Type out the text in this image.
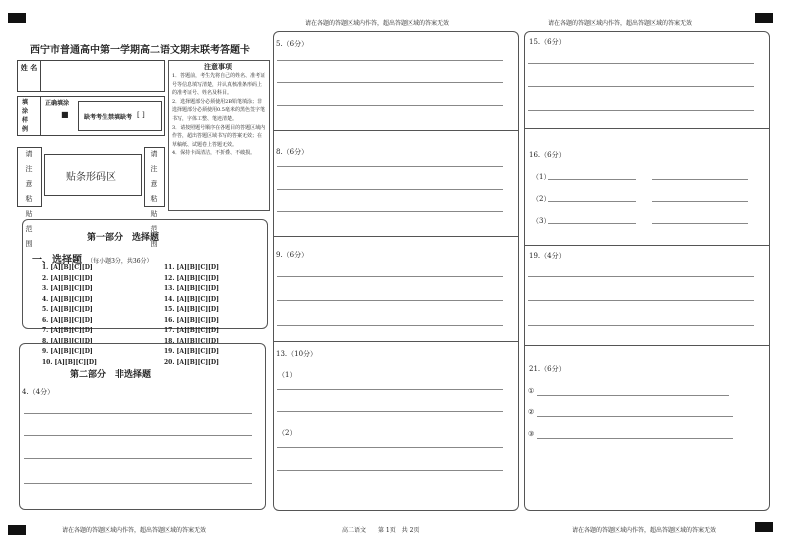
请在各题的答题区域内作答，超出答题区域的答案无效	请在各题的答题区域内作答，超出答题区域的答案无效
请在各题的答题区域内作答，超出答题区域的答案无效	高二语文　　第 1页　共 2页	请在各题的答题区域内作答，超出答题区域的答案无效
西宁市普通高中第一学期高二语文期末联考答题卡
姓 名
填 涂 样 例
正确填涂
■	缺考考生禁填缺考 [ ]
请 注 意 粘 贴 范 围	贴条形码区	请 注 意 粘 贴 范 围
注意事项
1．答题前，考生先将自己的姓名、准考证号等信息填写清楚，并认真核准条形码上的准考证号、姓名及科目。
2．选择题部分必须使用2B铅笔填涂；非选择题部分必须使用0.5毫米的黑色签字笔书写，字体工整、笔迹清楚。
3．请按照题号顺序在各题目的答题区域内作答，超出答题区域书写的答案无效；在草稿纸、试题卷上答题无效。
4．保持卡面清洁，不折叠、不破损。
第一部分　选择题
一、选择题 （每小题3分，共36分）
1. [A][B][C][D]
2. [A][B][C][D]
3. [A][B][C][D]
4. [A][B][C][D]
5. [A][B][C][D]
6. [A][B][C][D]
7. [A][B][C][D]
8. [A][B][C][D]
9. [A][B][C][D]
10. [A][B][C][D]
11. [A][B][C][D]
12. [A][B][C][D]
13. [A][B][C][D]
14. [A][B][C][D]
15. [A][B][C][D]
16. [A][B][C][D]
17. [A][B][C][D]
18. [A][B][C][D]
19. [A][B][C][D]
20. [A][B][C][D]
第二部分　非选择题
4.（4分）
5.（6分）
8.（6分）
9.（6分）
13.（10分）
（1）
（2）
15.（6分）
16.（6分）
（1）
（2）
（3）
19.（4分）
21.（6分）
①
②
③
